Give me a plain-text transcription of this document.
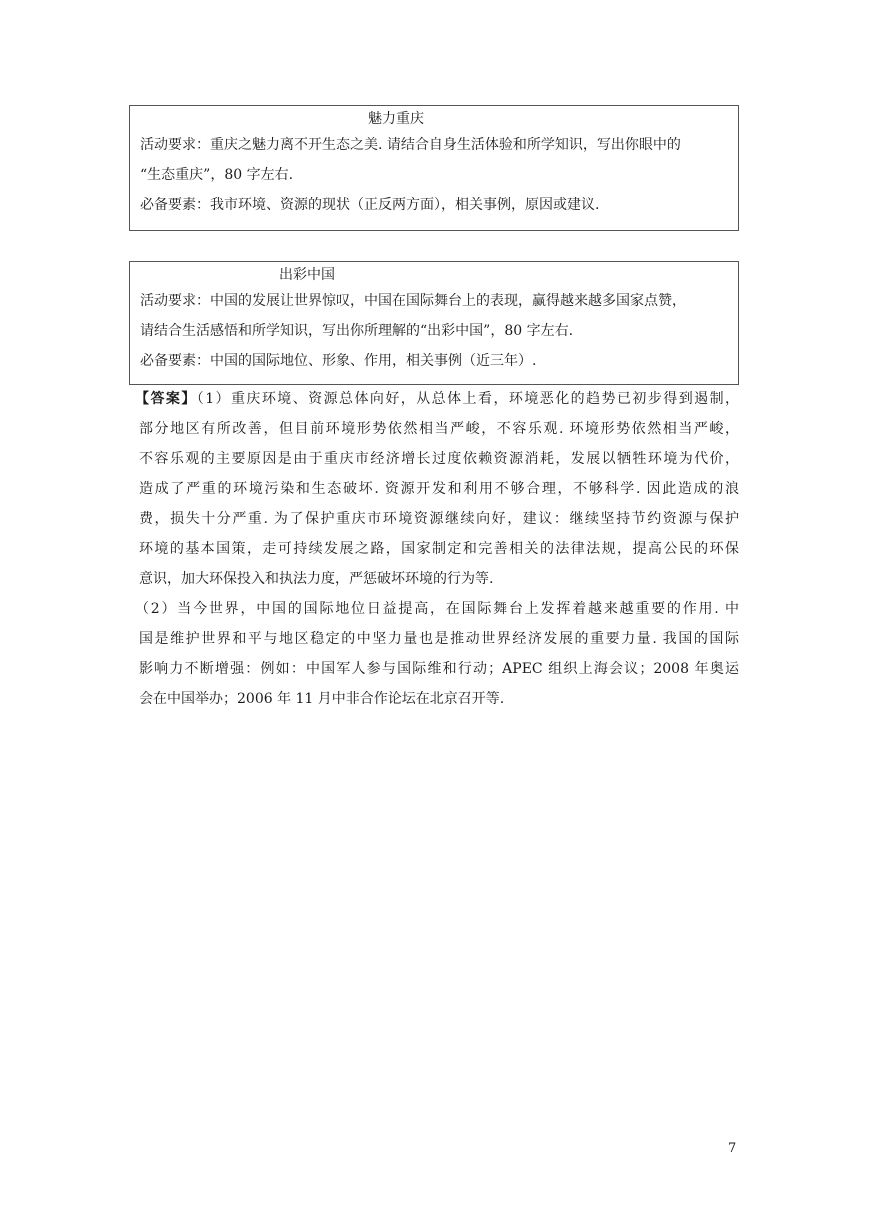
魅力重庆
活动要求：重庆之魅力离不开生态之美. 请结合自身生活体验和所学知识，写出你眼中的
“生态重庆”，80 字左右.
必备要素：我市环境、资源的现状（正反两方面），相关事例，原因或建议.
出彩中国
活动要求：中国的发展让世界惊叹，中国在国际舞台上的表现，赢得越来越多国家点赞，
请结合生活感悟和所学知识，写出你所理解的“出彩中国”，80 字左右.
必备要素：中国的国际地位、形象、作用，相关事例（近三年）.
【答案】（1）重庆环境、资源总体向好，从总体上看，环境恶化的趋势已初步得到遏制，
部分地区有所改善，但目前环境形势依然相当严峻，不容乐观. 环境形势依然相当严峻，
不容乐观的主要原因是由于重庆市经济增长过度依赖资源消耗，发展以牺牲环境为代价，
造成了严重的环境污染和生态破坏. 资源开发和利用不够合理，不够科学. 因此造成的浪
费，损失十分严重. 为了保护重庆市环境资源继续向好，建议：继续坚持节约资源与保护
环境的基本国策，走可持续发展之路，国家制定和完善相关的法律法规，提高公民的环保
意识，加大环保投入和执法力度，严惩破坏环境的行为等.
（2）当今世界，中国的国际地位日益提高，在国际舞台上发挥着越来越重要的作用. 中
国是维护世界和平与地区稳定的中坚力量也是推动世界经济发展的重要力量. 我国的国际
影响力不断增强：例如：中国军人参与国际维和行动；APEC 组织上海会议；2008 年奥运
会在中国举办；2006 年 11 月中非合作论坛在北京召开等.
7
